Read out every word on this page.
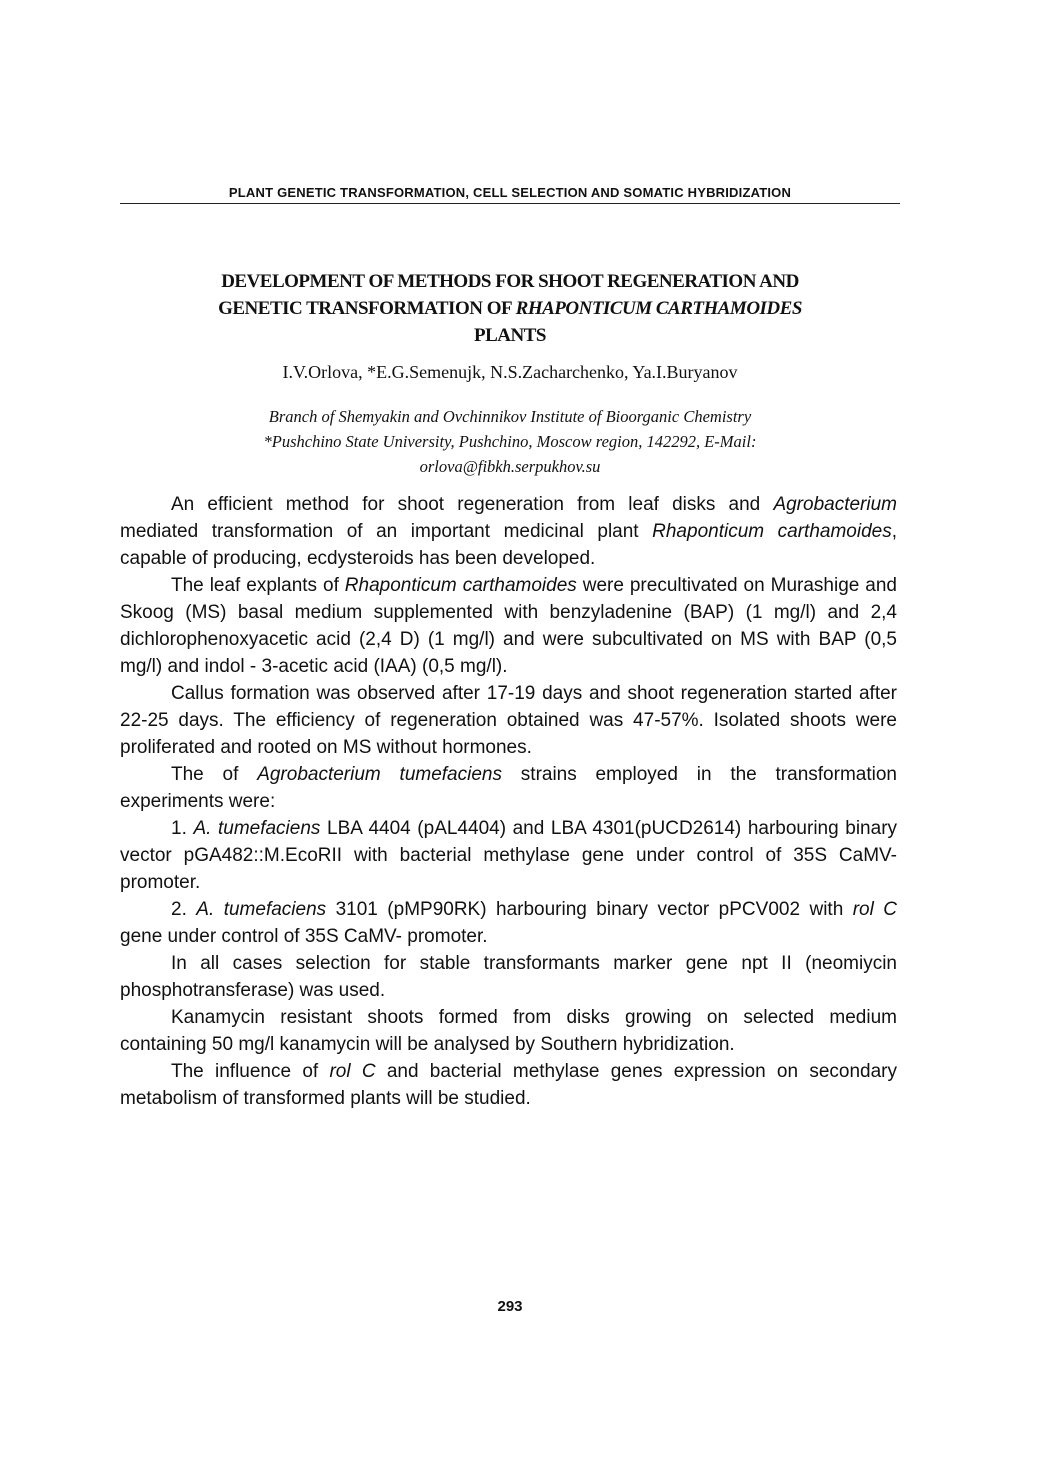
PLANT GENETIC TRANSFORMATION, CELL SELECTION AND SOMATIC HYBRIDIZATION
DEVELOPMENT OF METHODS FOR SHOOT REGENERATION AND
GENETIC TRANSFORMATION OF RHAPONTICUM CARTHAMOIDES
PLANTS
I.V.Orlova, *E.G.Semenujk, N.S.Zacharchenko, Ya.I.Buryanov
Branch of Shemyakin and Ovchinnikov Institute of Bioorganic Chemistry
*Pushchino State University, Pushchino, Moscow region, 142292, E-Mail:
orlova@fibkh.serpukhov.su

An efficient method for shoot regeneration from leaf disks and Agrobacterium mediated transformation of an important medicinal plant Rhaponticum carthamoides, capable of producing, ecdysteroids has been developed.

The leaf explants of Rhaponticum carthamoides were precultivated on Murashige and Skoog (MS) basal medium supplemented with benzyladenine (BAP) (1 mg/l) and 2,4 dichlorophenoxyacetic acid (2,4 D) (1 mg/l) and were subcultivated on MS with BAP (0,5 mg/l) and indol - 3-acetic acid (IAA) (0,5 mg/l).

Callus formation was observed after 17-19 days and shoot regeneration started after 22-25 days. The efficiency of regeneration obtained was 47-57%. Isolated shoots were proliferated and rooted on MS without hormones.

The of Agrobacterium tumefaciens strains employed in the transformation experiments were:

1. A. tumefaciens LBA 4404 (pAL4404) and LBA 4301(pUCD2614) harbouring binary vector pGA482::M.EcoRII with bacterial methylase gene under control of 35S CaMV- promoter.

2. A. tumefaciens 3101 (pMP90RK) harbouring binary vector pPCV002 with rol C gene under control of 35S CaMV- promoter.

In all cases selection for stable transformants marker gene npt II (neomiycin phosphotransferase) was used.

Kanamycin resistant shoots formed from disks growing on selected medium containing 50 mg/l kanamycin will be analysed by Southern hybridization.

The influence of rol C and bacterial methylase genes expression on secondary metabolism of transformed plants will be studied.

293
